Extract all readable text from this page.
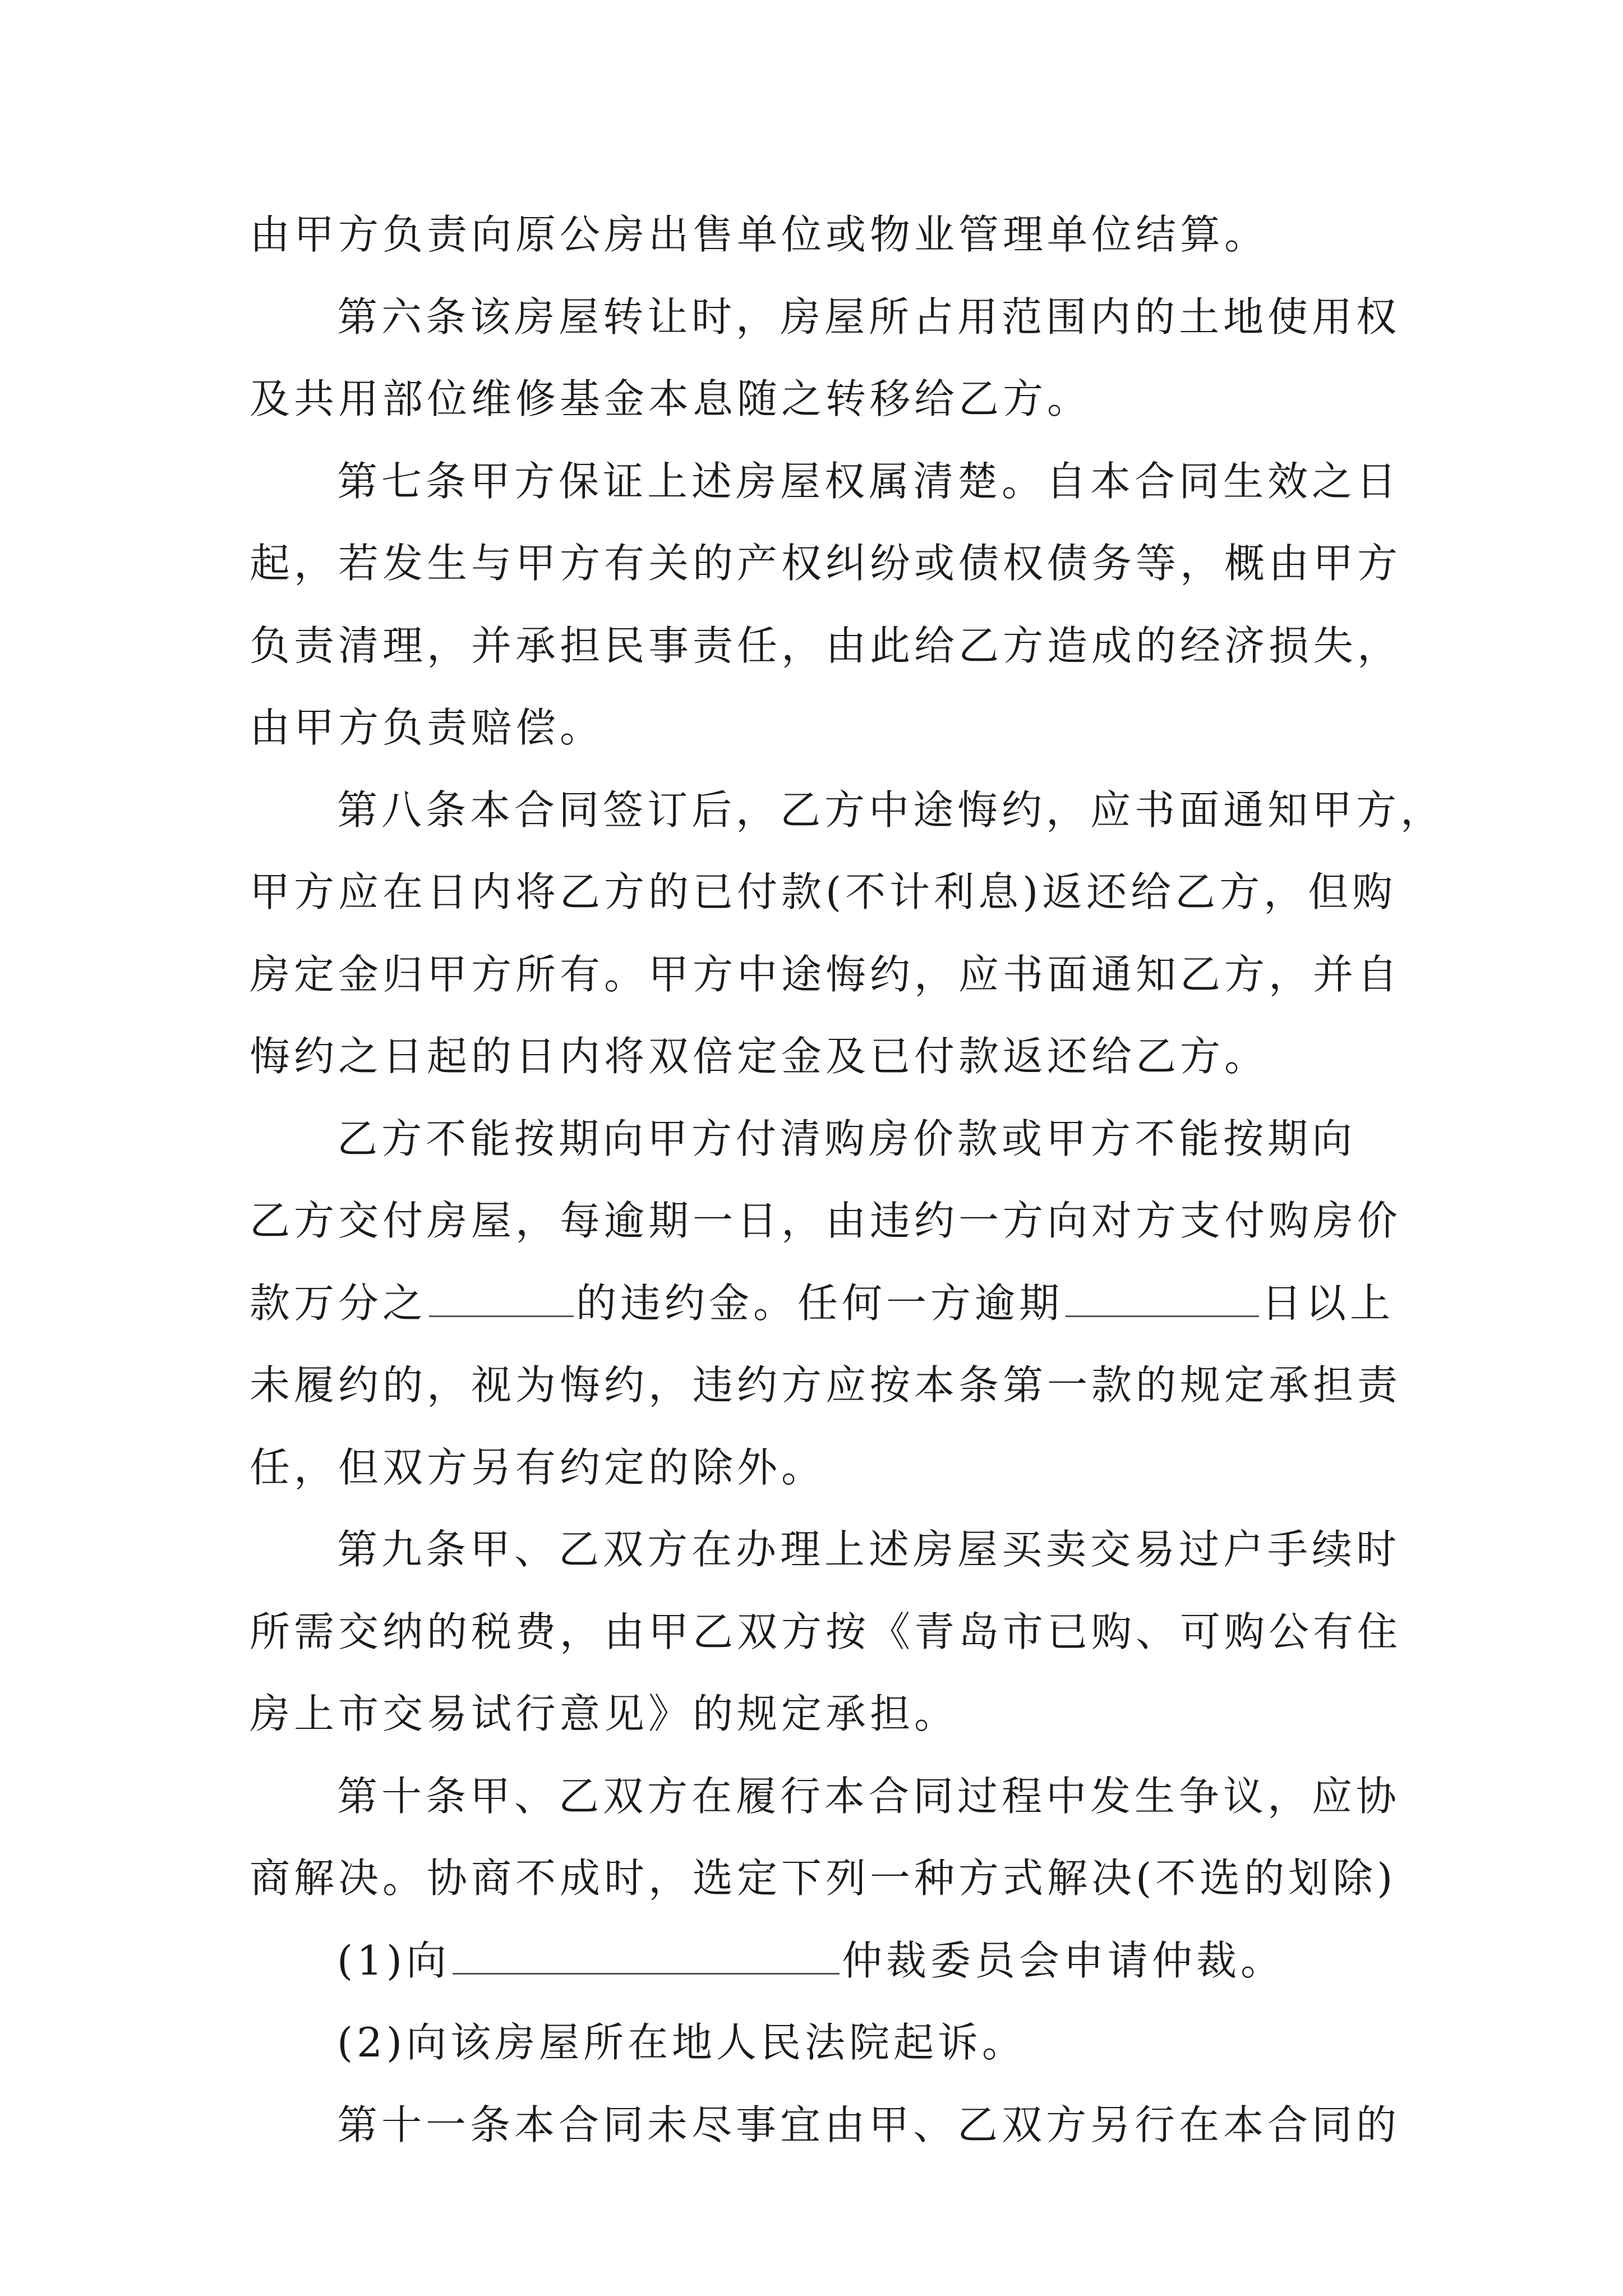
由甲方负责向原公房出售单位或物业管理单位结算。
第六条该房屋转让时，房屋所占用范围内的土地使用权
及共用部位维修基金本息随之转移给乙方。
第七条甲方保证上述房屋权属清楚。自本合同生效之日
起，若发生与甲方有关的产权纠纷或债权债务等，概由甲方
负责清理，并承担民事责任，由此给乙方造成的经济损失，
由甲方负责赔偿。
第八条本合同签订后，乙方中途悔约，应书面通知甲方，
甲方应在日内将乙方的已付款(不计利息)返还给乙方，但购
房定金归甲方所有。甲方中途悔约，应书面通知乙方，并自
悔约之日起的日内将双倍定金及已付款返还给乙方。
乙方不能按期向甲方付清购房价款或甲方不能按期向
乙方交付房屋，每逾期一日，由违约一方向对方支付购房价
款万分之	的违约金。任何一方逾期	日以上
未履约的，视为悔约，违约方应按本条第一款的规定承担责
任，但双方另有约定的除外。
第九条甲、乙双方在办理上述房屋买卖交易过户手续时
所需交纳的税费，由甲乙双方按《青岛市已购、可购公有住
房上市交易试行意见》的规定承担。
第十条甲、乙双方在履行本合同过程中发生争议，应协
商解决。协商不成时，选定下列一种方式解决(不选的划除)
(1)向	仲裁委员会申请仲裁。
(2)向该房屋所在地人民法院起诉。
第十一条本合同未尽事宜由甲、乙双方另行在本合同的
